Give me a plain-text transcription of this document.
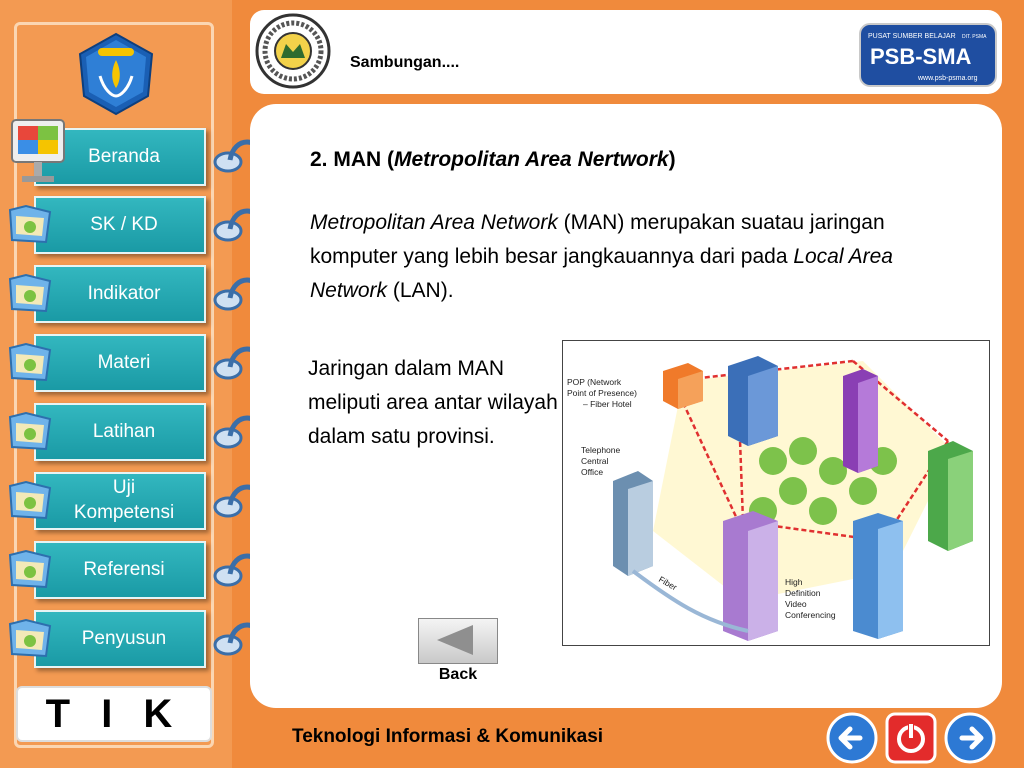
Beranda
SK / KD
Indikator
Materi
Latihan
Uji Kompetensi
Referensi
Penyusun
T I K
Sambungan....
PUSAT SUMBER BELAJAR DIT. PSMA
PSB-SMA
www.psb-psma.org
2. MAN (Metropolitan Area Nertwork)
Metropolitan Area Network (MAN) merupakan suatau jaringan komputer yang lebih besar jangkauannya dari pada Local Area Network (LAN).
Jaringan dalam MAN meliputi area antar wilayah dalam satu provinsi.
POP (Network
Point of Presence)
– Fiber Hotel
Telephone
Central
Office
Fiber	High
Definition
Video
Conferencing
Back
Teknologi Informasi & Komunikasi
